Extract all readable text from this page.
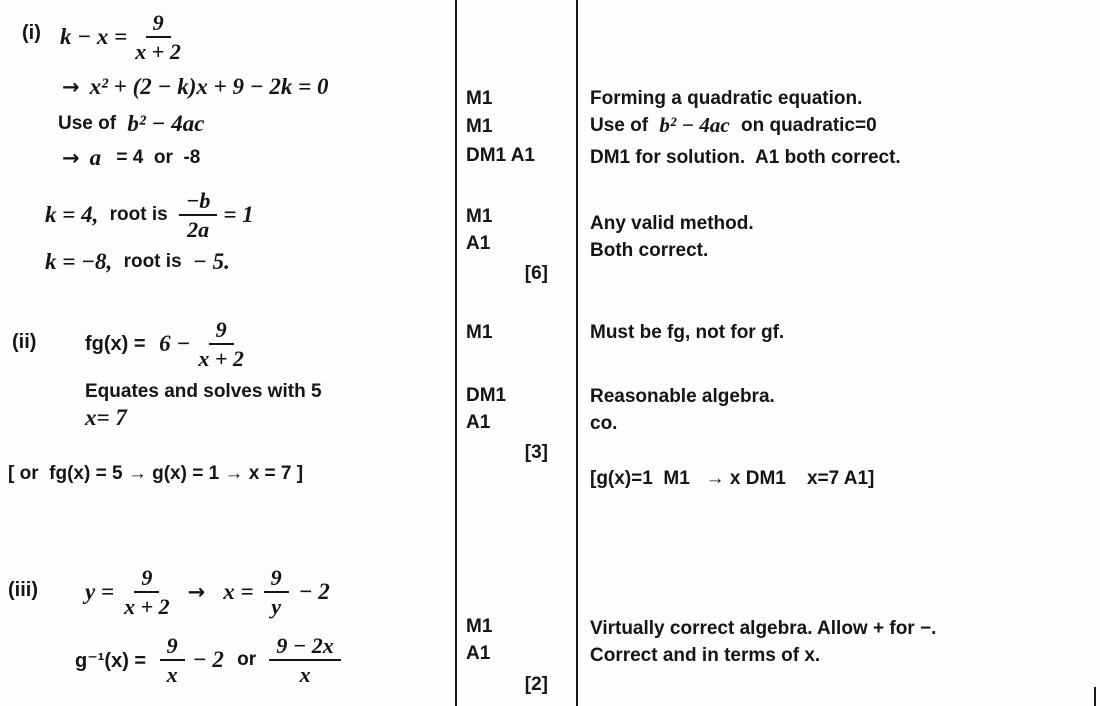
(i) $k - x = \frac{9}{x + 2}$
→ x² + (2 − k)x + 9 − 2k = 0
Use of b² − 4ac
→ a = 4  or  -8
k = 4, root is $\frac{-b}{2a} = 1$
k = −8, root is − 5.
(ii) $fg(x) = 6 - \frac{9}{x + 2}$
Equates and solves with 5
x= 7
[ or  fg(x) = 5 → g(x) = 1 → x = 7 ]
(iii) $y = \frac{9}{x + 2} \to x = \frac{9}{y} - 2$
$g^{-1}(x) = \frac{9}{x} - 2$ or $\frac{9 - 2x}{x}$
M1
M1
DM1 A1
M1
A1
[6]
M1
DM1
A1
[3]
M1
A1
[2]
Forming a quadratic equation.
Use of b² − 4ac on quadratic=0
DM1 for solution.  A1 both correct.
Any valid method.
Both correct.
Must be fg, not for gf.
Reasonable algebra.
co.
[g(x)=1  M1   → x DM1    x=7 A1]
Virtually correct algebra. Allow + for −.
Correct and in terms of x.
